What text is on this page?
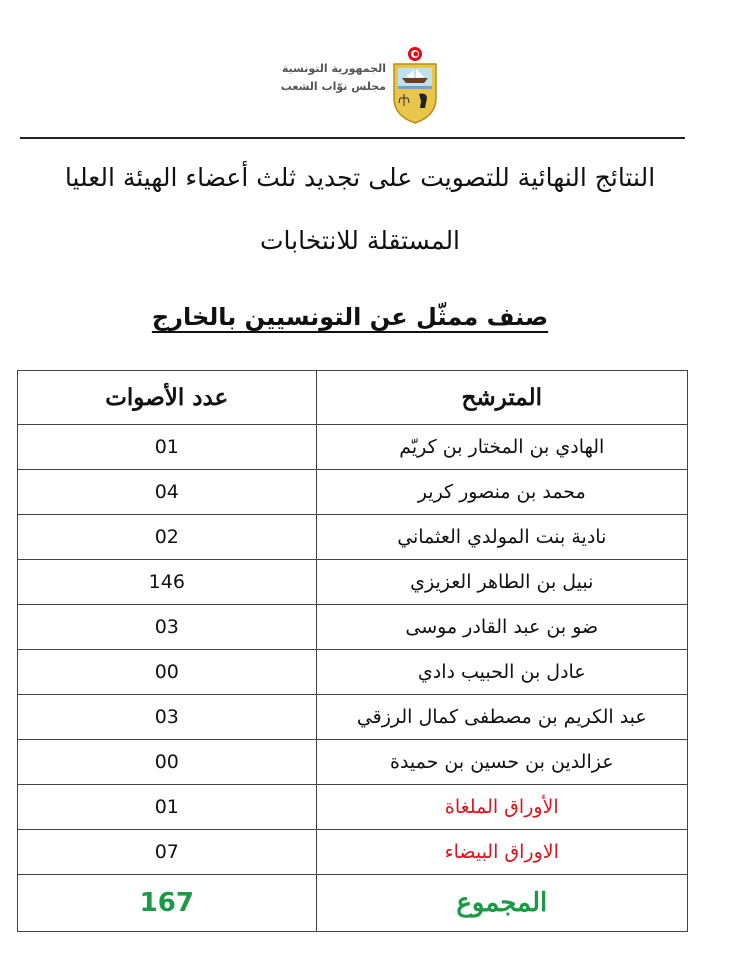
الجمهورية التونسية
مجلس نوّاب الشعب
النتائج النهائية للتصويت على تجديد ثلث أعضاء الهيئة العليا
المستقلة للانتخابات
صنف ممثّل عن التونسيين بالخارج
المترشح	عدد الأصوات
الهادي بن المختار بن كريّم	01
محمد بن منصور كرير	04
نادية بنت المولدي العثماني	02
نبيل بن الطاهر العزيزي	146
ضو بن عبد القادر موسى	03
عادل بن الحبيب دادي	00
عبد الكريم بن مصطفى كمال الرزقي	03
عزالدين بن حسين بن حميدة	00
الأوراق الملغاة	01
الاوراق البيضاء	07
المجموع	167
